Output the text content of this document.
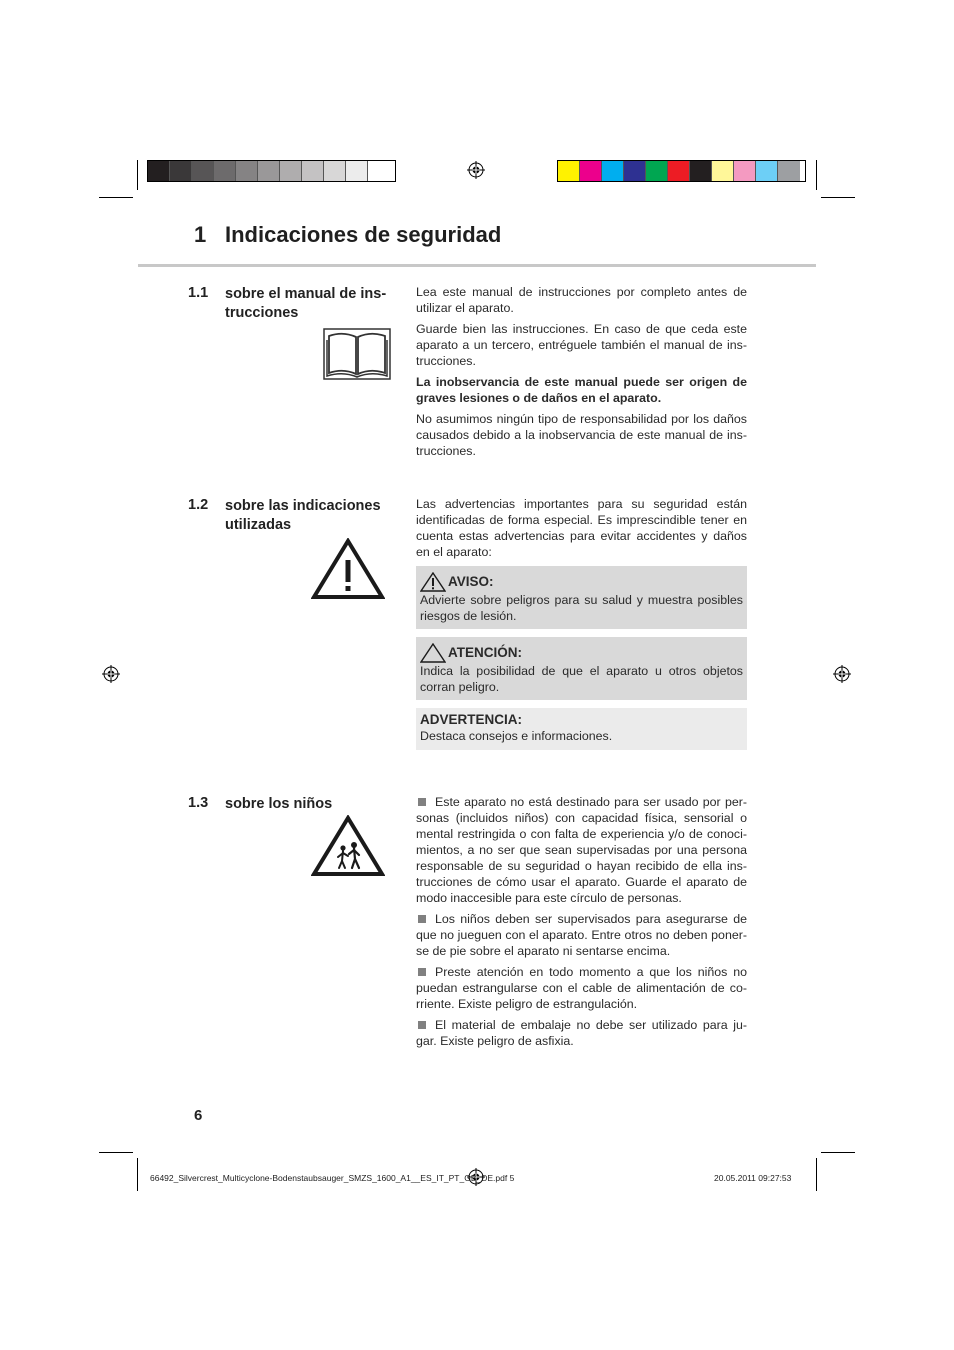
1 Indicaciones de seguridad
1.1 sobre el manual de ins-trucciones

Lea este manual de instrucciones por completo antes de utilizar el aparato.

Guarde bien las instrucciones. En caso de que ceda este aparato a un tercero, entréguele también el manual de ins-trucciones.

La inobservancia de este manual puede ser origen de graves lesiones o de daños en el aparato.

No asumimos ningún tipo de responsabilidad por los daños causados debido a la inobservancia de este manual de ins-trucciones.

1.2 sobre las indicaciones utilizadas
Las advertencias importantes para su seguridad están identificadas de forma especial. Es imprescindible tener en cuenta estas advertencias para evitar accidentes y daños en el aparato:
AVISO:
Advierte sobre peligros para su salud y muestra posibles riesgos de lesión.
ATENCIÓN:
Indica la posibilidad de que el aparato u otros objetos corran peligro.
ADVERTENCIA:
Destaca consejos e informaciones.
1.3 sobre los niños	Este aparato no está destinado para ser usado por per-sonas (incluidos niños) con capacidad física, sensorial o mental restringida o con falta de experiencia y/o de conoci-mientos, a no ser que sean supervisadas por una persona responsable de su seguridad o hayan recibido de ella ins-trucciones de cómo usar el aparato. Guarde el aparato de modo inaccesible para este círculo de personas.

Los niños deben ser supervisados para asegurarse de que no jueguen con el aparato. Entre otros no deben poner-se de pie sobre el aparato ni sentarse encima.

Preste atención en todo momento a que los niños no puedan estrangularse con el cable de alimentación de co-rriente. Existe peligro de estrangulación.

El material de embalaje no debe ser utilizado para ju-gar. Existe peligro de asfixia.

6
66492_Silvercrest_Multicyclone-Bodenstaubsauger_SMZS_1600_A1__ES_IT_PT_GB_DE.pdf 5	20.05.2011 09:27:53
